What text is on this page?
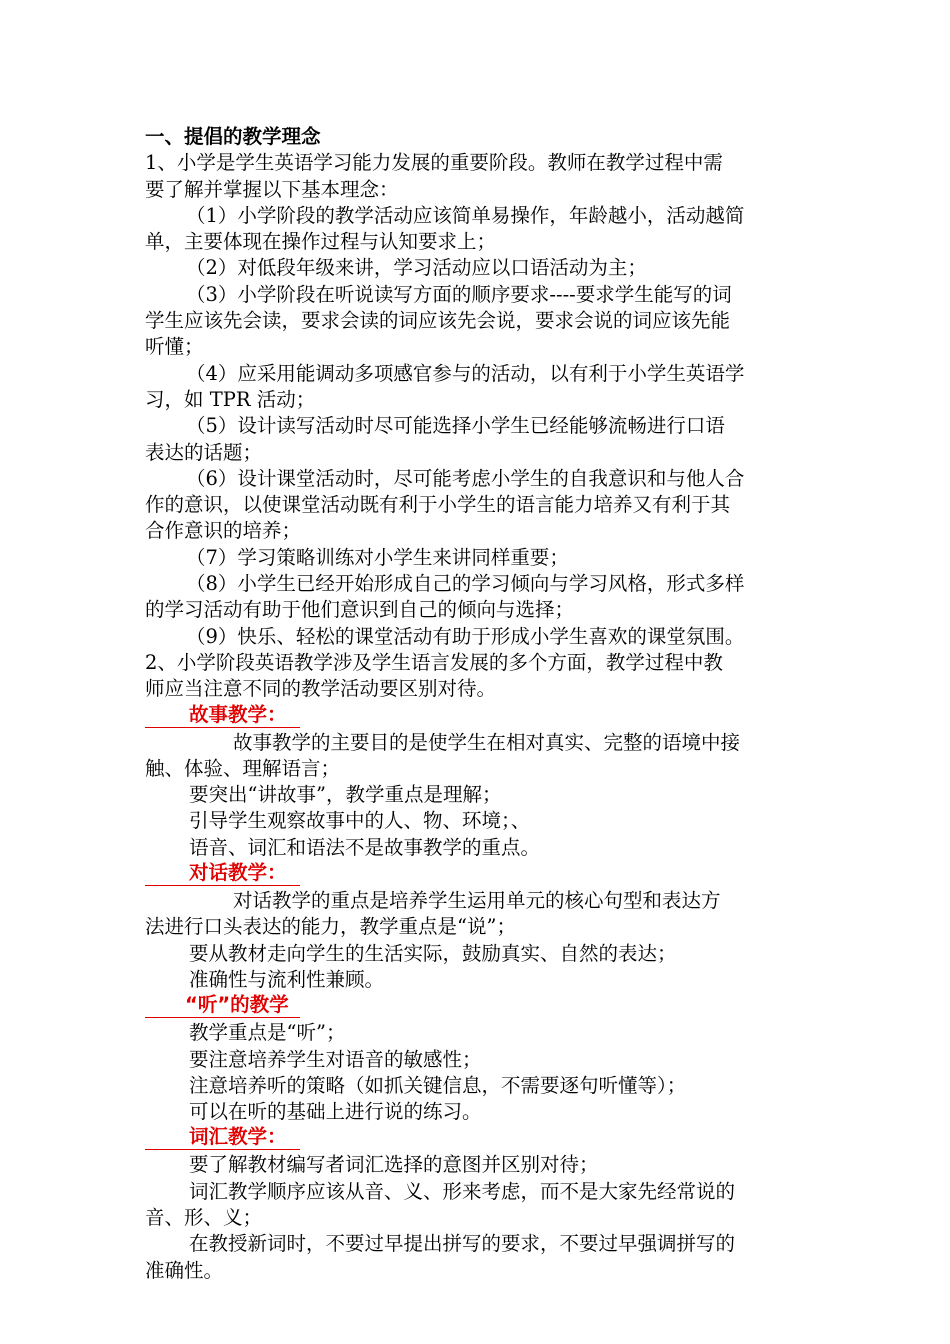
一、提倡的教学理念

1、小学是学生英语学习能力发展的重要阶段。教师在教学过程中需

要了解并掌握以下基本理念：

（1）小学阶段的教学活动应该简单易操作，年龄越小，活动越简

单，主要体现在操作过程与认知要求上；

（2）对低段年级来讲，学习活动应以口语活动为主；

（3）小学阶段在听说读写方面的顺序要求----要求学生能写的词

学生应该先会读，要求会读的词应该先会说，要求会说的词应该先能

听懂；

（4）应采用能调动多项感官参与的活动，以有利于小学生英语学

习，如 TPR 活动；

（5）设计读写活动时尽可能选择小学生已经能够流畅进行口语

表达的话题；

（6）设计课堂活动时，尽可能考虑小学生的自我意识和与他人合

作的意识，以使课堂活动既有利于小学生的语言能力培养又有利于其

合作意识的培养；

（7）学习策略训练对小学生来讲同样重要；

（8）小学生已经开始形成自己的学习倾向与学习风格，形式多样

的学习活动有助于他们意识到自己的倾向与选择；

（9）快乐、轻松的课堂活动有助于形成小学生喜欢的课堂氛围。

2、小学阶段英语教学涉及学生语言发展的多个方面，教学过程中教

师应当注意不同的教学活动要区别对待。

故事教学：

故事教学的主要目的是使学生在相对真实、完整的语境中接

触、体验、理解语言；

要突出“讲故事”，教学重点是理解；

引导学生观察故事中的人、物、环境；、

语音、词汇和语法不是故事教学的重点。

对话教学：

对话教学的重点是培养学生运用单元的核心句型和表达方

法进行口头表达的能力，教学重点是“说”；

要从教材走向学生的生活实际，鼓励真实、自然的表达；

准确性与流利性兼顾。

“听”的教学

教学重点是“听”；

要注意培养学生对语音的敏感性；

注意培养听的策略（如抓关键信息，不需要逐句听懂等）；

可以在听的基础上进行说的练习。

词汇教学：

要了解教材编写者词汇选择的意图并区别对待；

词汇教学顺序应该从音、义、形来考虑，而不是大家先经常说的

音、形、义；

在教授新词时，不要过早提出拼写的要求，不要过早强调拼写的

准确性。
